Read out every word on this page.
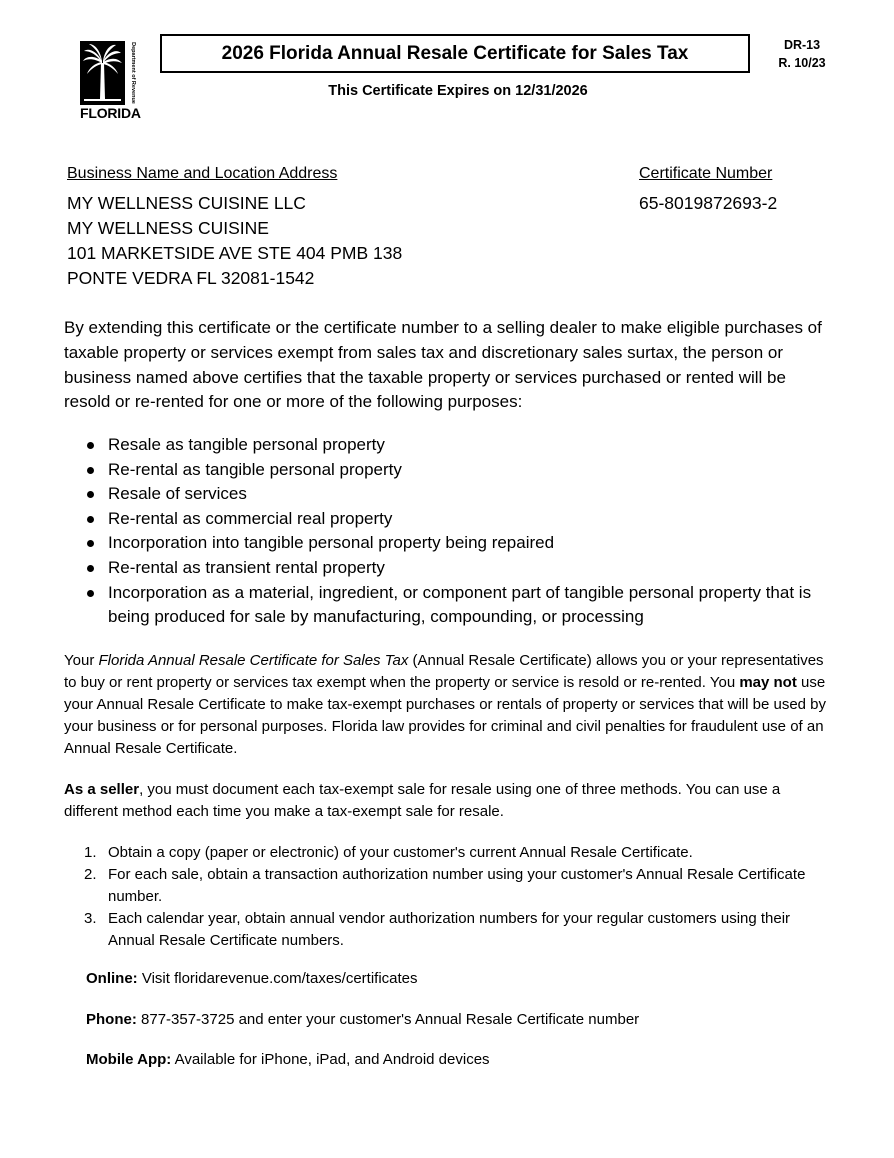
Department of Revenue
FLORIDA
2026 Florida Annual Resale Certificate for Sales Tax	DR-13
R. 10/23
This Certificate Expires on 12/31/2026
Business Name and Location Address	Certificate Number
MY WELLNESS CUISINE LLC
MY WELLNESS CUISINE
101 MARKETSIDE AVE STE 404 PMB 138
PONTE VEDRA FL 32081-1542
65-8019872693-2

By extending this certificate or the certificate number to a selling dealer to make eligible purchases of taxable property or services exempt from sales tax and discretionary sales surtax, the person or business named above certifies that the taxable property or services purchased or rented will be resold or re-rented for one or more of the following purposes:

Resale as tangible personal property
Re-rental as tangible personal property
Resale of services
Re-rental as commercial real property
Incorporation into tangible personal property being repaired
Re-rental as transient rental property
Incorporation as a material, ingredient, or component part of tangible personal property that is being produced for sale by manufacturing, compounding, or processing

Your Florida Annual Resale Certificate for Sales Tax (Annual Resale Certificate) allows you or your representatives to buy or rent property or services tax exempt when the property or service is resold or re-rented. You may not use your Annual Resale Certificate to make tax-exempt purchases or rentals of property or services that will be used by your business or for personal purposes. Florida law provides for criminal and civil penalties for fraudulent use of an Annual Resale Certificate.

As a seller, you must document each tax-exempt sale for resale using one of three methods. You can use a different method each time you make a tax-exempt sale for resale.

1. Obtain a copy (paper or electronic) of your customer's current Annual Resale Certificate.
2. For each sale, obtain a transaction authorization number using your customer's Annual Resale Certificate number.
3. Each calendar year, obtain annual vendor authorization numbers for your regular customers using their Annual Resale Certificate numbers.
Online: Visit floridarevenue.com/taxes/certificates
Phone: 877-357-3725 and enter your customer's Annual Resale Certificate number
Mobile App: Available for iPhone, iPad, and Android devices
